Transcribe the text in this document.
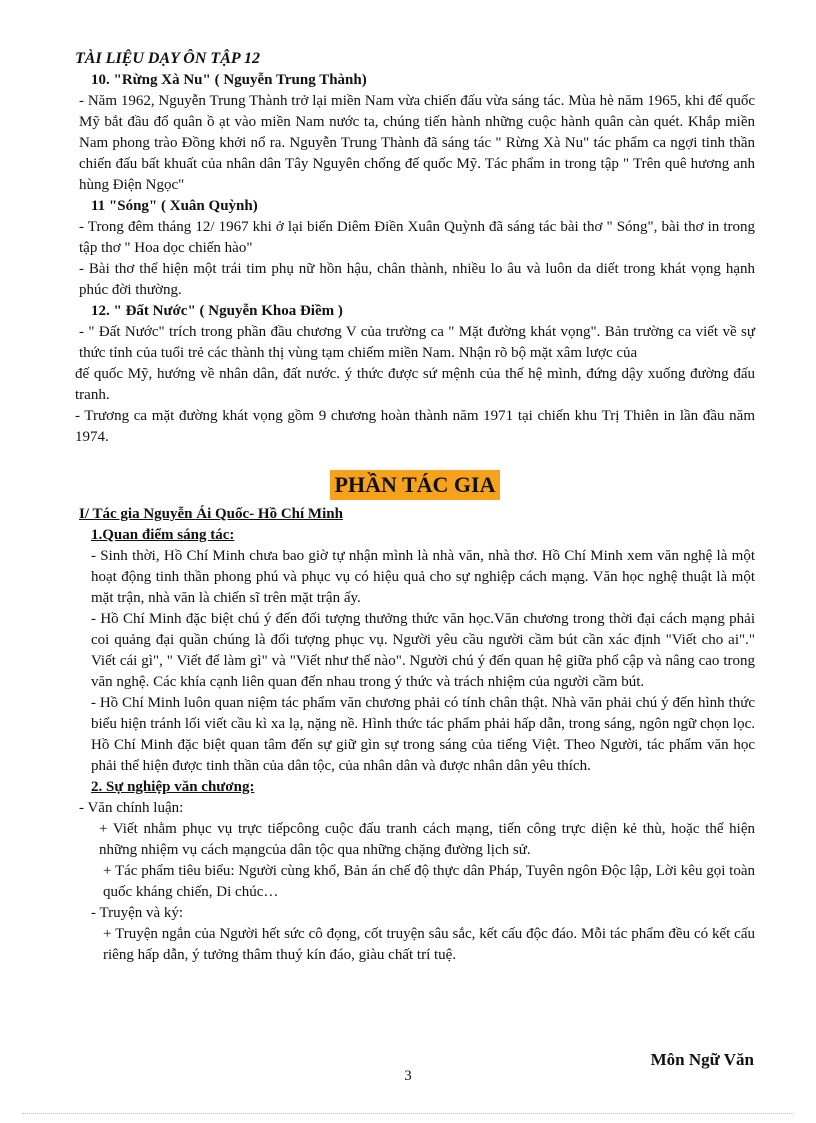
TÀI LIỆU DẠY ÔN TẬP 12
10. "Rừng Xà Nu" ( Nguyễn Trung Thành)

- Năm 1962, Nguyễn Trung Thành trở lại miền Nam vừa chiến đấu vừa sáng tác. Mùa hè năm 1965, khi đế quốc Mỹ bắt đầu đổ quân ồ ạt vào miền Nam nước ta, chúng tiến hành những cuộc hành quân càn quét. Khắp miền Nam phong trào Đồng khởi nổ ra. Nguyễn Trung Thành đã sáng tác " Rừng Xà Nu" tác phẩm ca ngợi tinh thần chiến đấu bất khuất của nhân dân Tây Nguyên chống đế quốc Mỹ. Tác phẩm in trong tập " Trên quê hương anh hùng Điện Ngọc"

11 "Sóng" ( Xuân Quỳnh)

- Trong đêm tháng 12/ 1967 khi ở lại biển Diêm Điền Xuân Quỳnh đã sáng tác bài thơ " Sóng", bài thơ in trong tập thơ " Hoa dọc chiến hào"

- Bài thơ thể hiện một trái tim phụ nữ hồn hậu, chân thành, nhiều lo âu và luôn da diết trong khát vọng hạnh phúc đời thường.

12. " Đất Nước" ( Nguyễn Khoa Điềm )

- " Đất Nước" trích trong phần đầu chương V của trường ca " Mặt đường khát vọng". Bản trường ca viết về sự thức tỉnh của tuổi trẻ các thành thị vùng tạm chiếm miền Nam. Nhận rõ bộ mặt xâm lược của

đế quốc Mỹ, hướng về nhân dân, đất nước. ý thức được sứ mệnh của thế hệ mình, đứng dậy xuống đường đấu tranh.

- Trương ca mặt đường khát vọng gồm 9 chương hoàn thành năm 1971 tại chiến khu Trị Thiên in lần đầu năm 1974.

PHẦN TÁC GIA
I/ Tác gia Nguyễn Ái Quốc- Hồ Chí Minh
1.Quan điểm sáng tác:

- Sinh thời, Hồ Chí Minh chưa bao giờ tự nhận mình là nhà văn, nhà thơ. Hồ Chí Minh xem văn nghệ là một hoạt động tinh thần phong phú và phục vụ có hiệu quả cho sự nghiệp cách mạng. Văn học nghệ thuật là một mặt trận, nhà văn là chiến sĩ trên mặt trận ấy.

- Hồ Chí Minh đặc biệt chú ý đến đối tượng thưởng thức văn học.Văn chương trong thời đại cách mạng phải coi quảng đại quần chúng là đối tượng phục vụ. Người yêu cầu người cầm bút cần xác định "Viết cho ai"." Viết cái gì", " Viết để làm gì" và "Viết như thế nào". Người chú ý đến quan hệ giữa phổ cập và nâng cao trong văn nghệ. Các khía cạnh liên quan đến nhau trong ý thức và trách nhiệm của người cầm bút.

- Hồ Chí Minh luôn quan niệm tác phẩm văn chương phải có tính chân thật. Nhà văn phải chú ý đến hình thức biểu hiện tránh lối viết cầu kì xa lạ, nặng nề. Hình thức tác phẩm phải hấp dẫn, trong sáng, ngôn ngữ chọn lọc. Hồ Chí Minh đặc biệt quan tâm đến sự giữ gìn sự trong sáng của tiếng Việt. Theo Người, tác phẩm văn học phải thể hiện được tinh thần của dân tộc, của nhân dân và được nhân dân yêu thích.

2. Sự nghiệp văn chương:

- Văn chính luận:

+ Viết nhằm phục vụ trực tiếpcông cuộc đấu tranh cách mạng, tiến công trực diện kẻ thù, hoặc thể hiện những nhiệm vụ cách mạngcủa dân tộc qua những chặng đường lịch sử.

+ Tác phẩm tiêu biểu: Người cùng khổ, Bản án chế độ thực dân Pháp, Tuyên ngôn Độc lập, Lời kêu gọi toàn quốc kháng chiến, Di chúc…

- Truyện và ký:

+ Truyện ngắn của Người hết sức cô đọng, cốt truyện sâu sắc, kết cấu độc đáo. Mỗi tác phẩm đều có kết cấu riêng hấp dẫn, ý tưởng thâm thuý kín đáo, giàu chất trí tuệ.

Môn Ngữ Văn
3
